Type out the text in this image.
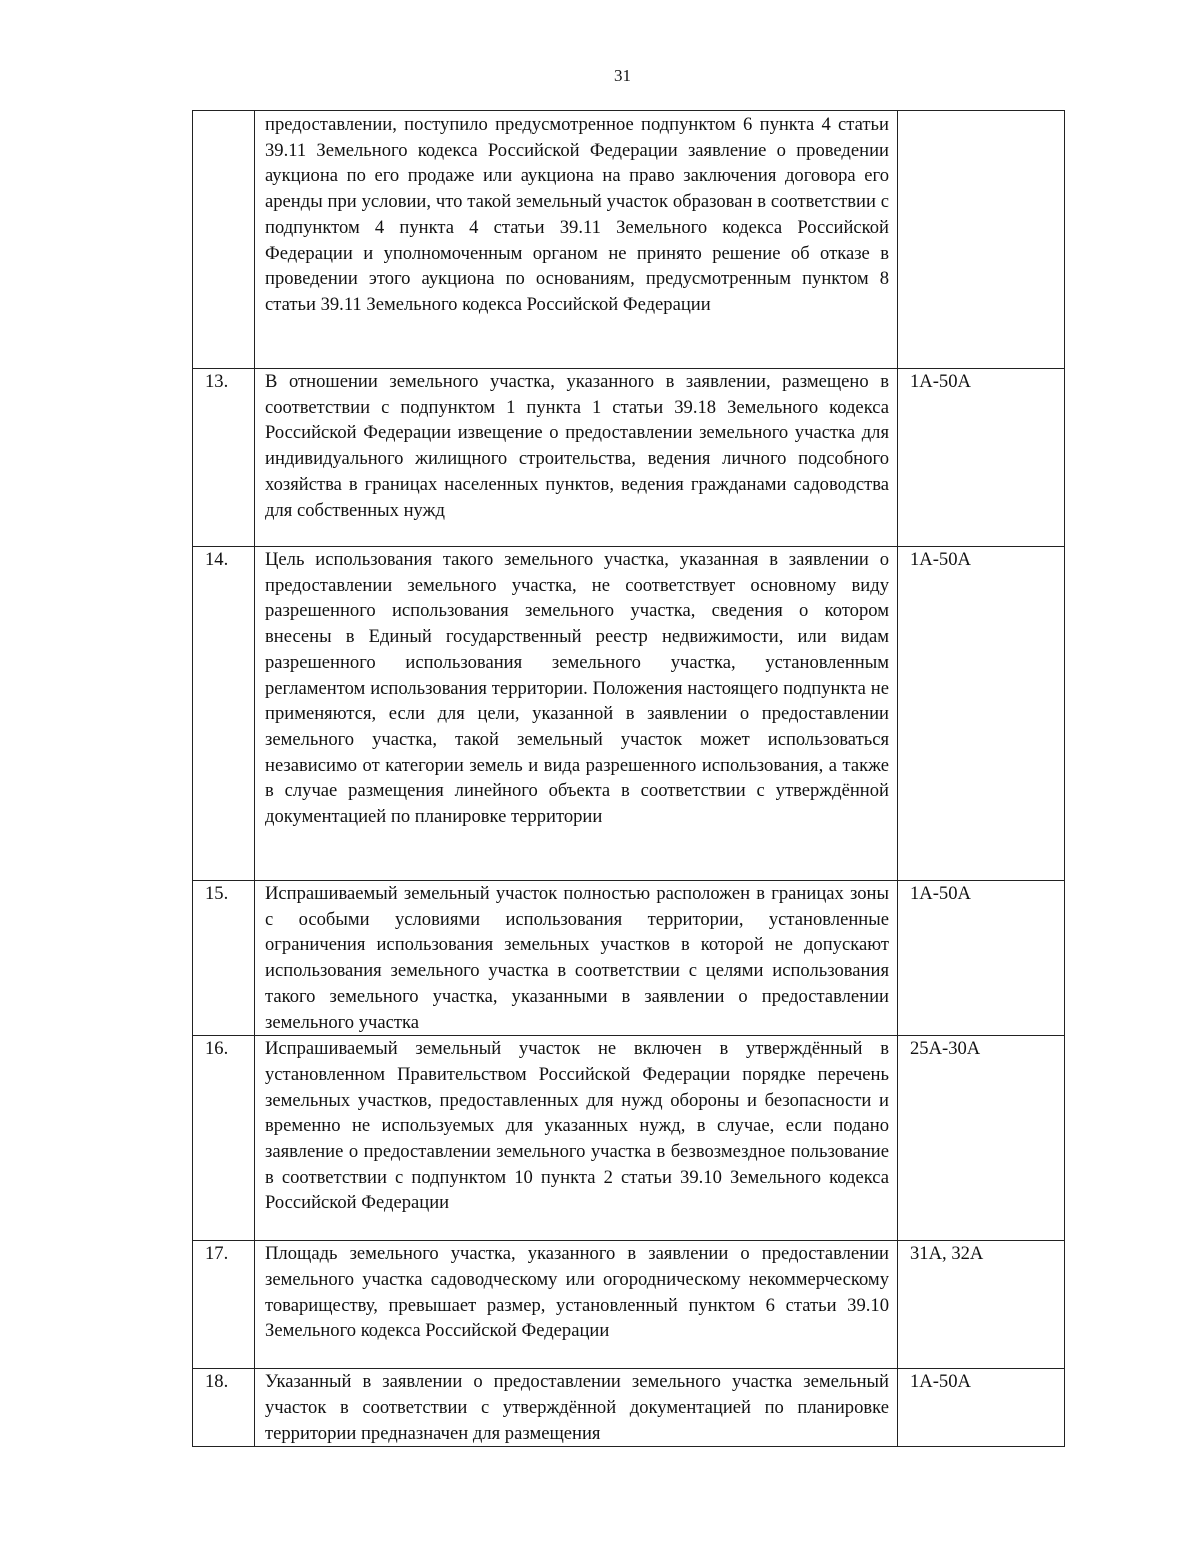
31
	предоставлении, поступило предусмотренное подпунктом 6 пункта 4 статьи 39.11 Земельного кодекса Российской Федерации заявление о проведении аукциона по его продаже или аукциона на право заключения договора его аренды при условии, что такой земельный участок образован в соответствии с подпунктом 4 пункта 4 статьи 39.11 Земельного кодекса Российской Федерации и уполномоченным органом не принято решение об отказе в проведении этого аукциона по основаниям, предусмотренным пунктом 8 статьи 39.11 Земельного кодекса Российской Федерации	
13.	В отношении земельного участка, указанного в заявлении, размещено в соответствии с подпунктом 1 пункта 1 статьи 39.18 Земельного кодекса Российской Федерации извещение о предоставлении земельного участка для индивидуального жилищного строительства, ведения личного подсобного хозяйства в границах населенных пунктов, ведения гражданами садоводства для собственных нужд	1А-50А
14.	Цель использования такого земельного участка, указанная в заявлении о предоставлении земельного участка, не соответствует основному виду разрешенного использования земельного участка, сведения о котором внесены в Единый государственный реестр недвижимости, или видам разрешенного использования земельного участка, установленным регламентом использования территории. Положения настоящего подпункта не применяются, если для цели, указанной в заявлении о предоставлении земельного участка, такой земельный участок может использоваться независимо от категории земель и вида разрешенного использования, а также в случае размещения линейного объекта в соответствии с утверждённой документацией по планировке территории	1А-50А
15.	Испрашиваемый земельный участок полностью расположен в границах зоны с особыми условиями использования территории, установленные ограничения использования земельных участков в которой не допускают использования земельного участка в соответствии с целями использования такого земельного участка, указанными в заявлении о предоставлении земельного участка	1А-50А
16.	Испрашиваемый земельный участок не включен в утверждённый в установленном Правительством Российской Федерации порядке перечень земельных участков, предоставленных для нужд обороны и безопасности и временно не используемых для указанных нужд, в случае, если подано заявление о предоставлении земельного участка в безвозмездное пользование в соответствии с подпунктом 10 пункта 2 статьи 39.10 Земельного кодекса Российской Федерации	25А-30А
17.	Площадь земельного участка, указанного в заявлении о предоставлении земельного участка садоводческому или огородническому некоммерческому товариществу, превышает размер, установленный пунктом 6 статьи 39.10 Земельного кодекса Российской Федерации	31А, 32А
18.	Указанный в заявлении о предоставлении земельного участка земельный участок в соответствии с утверждённой документацией по планировке территории предназначен для размещения	1А-50А
